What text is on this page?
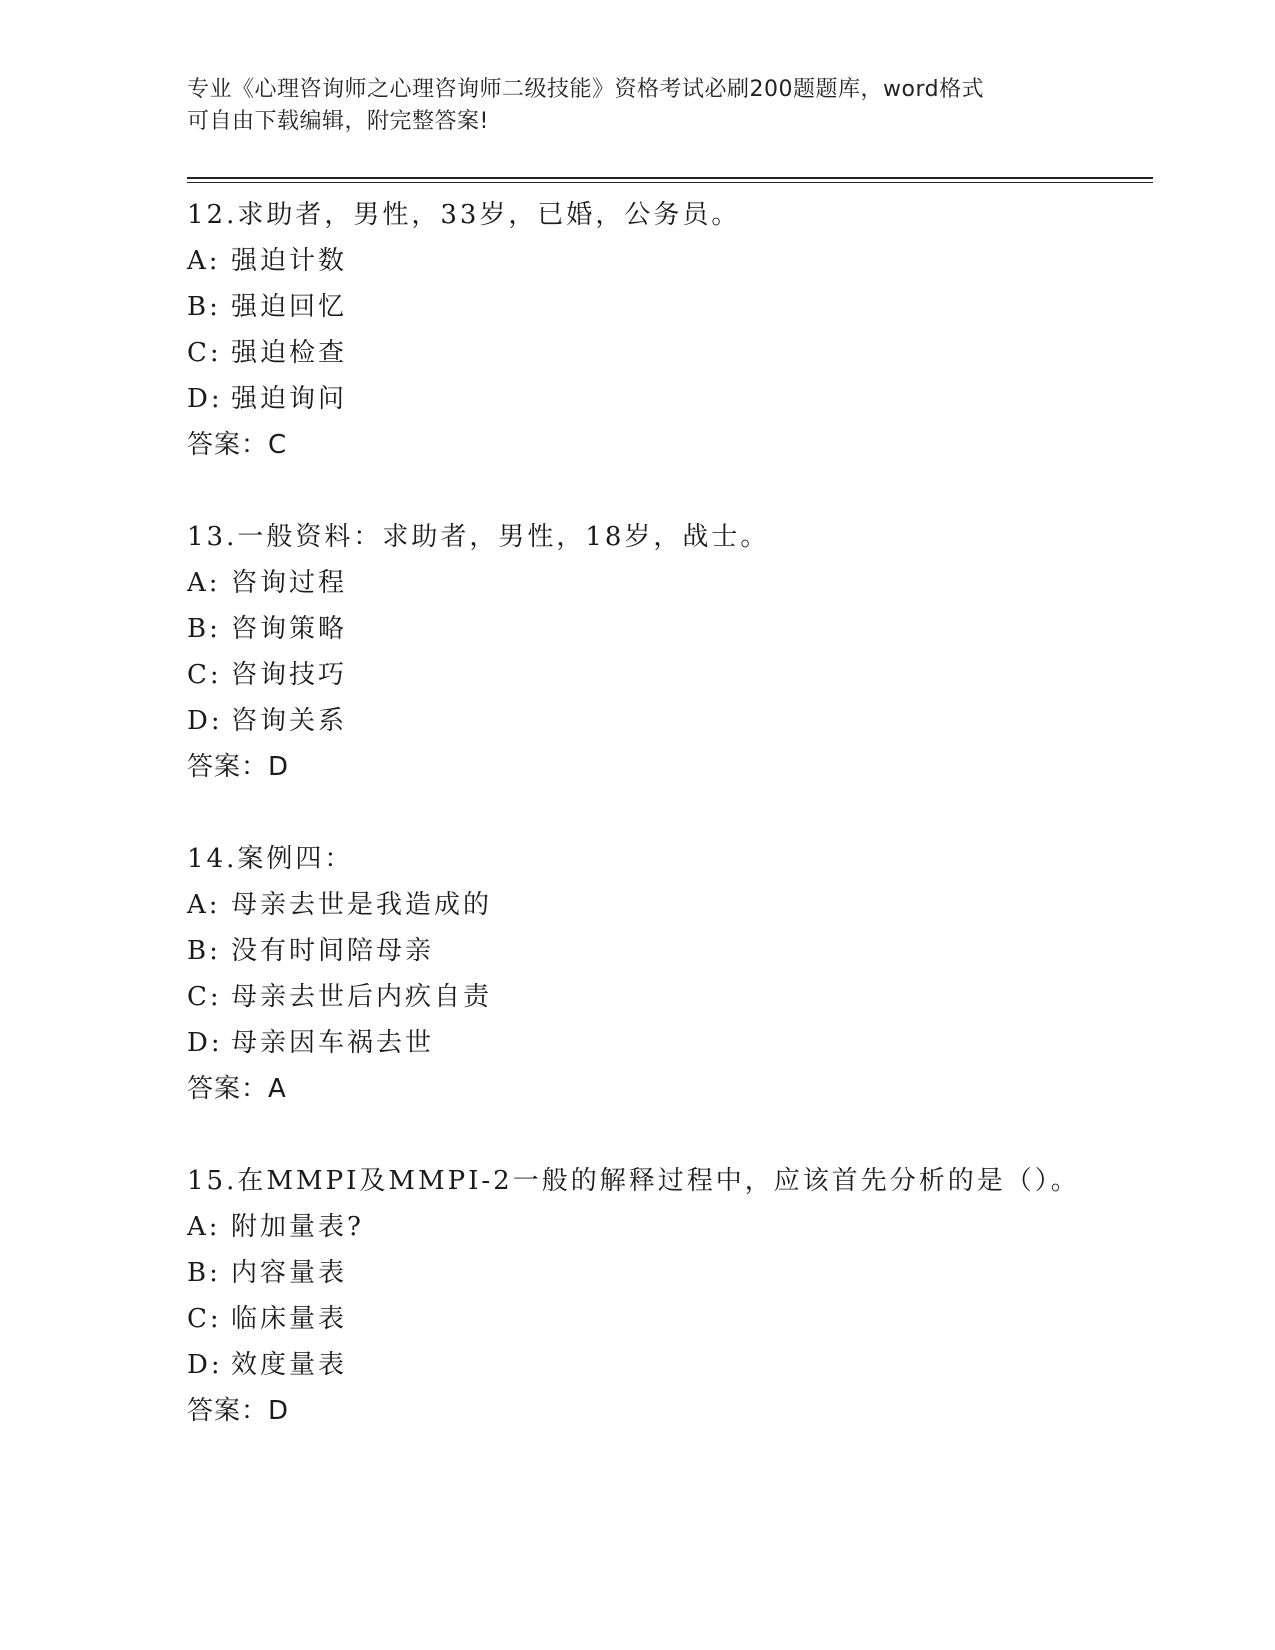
专业《心理咨询师之心理咨询师二级技能》资格考试必刷200题题库，word格式
可自由下载编辑，附完整答案!
12.求助者，男性，33岁，已婚，公务员。
A: 强迫计数
B: 强迫回忆
C: 强迫检查
D: 强迫询问
答案：C
13.一般资料：求助者，男性，18岁，战士。
A: 咨询过程
B: 咨询策略
C: 咨询技巧
D: 咨询关系
答案：D
14.案例四：
A: 母亲去世是我造成的
B: 没有时间陪母亲
C: 母亲去世后内疚自责
D: 母亲因车祸去世
答案：A
15.在MMPI及MMPI-2一般的解释过程中，应该首先分析的是（）。
A: 附加量表?
B: 内容量表
C: 临床量表
D: 效度量表
答案：D
